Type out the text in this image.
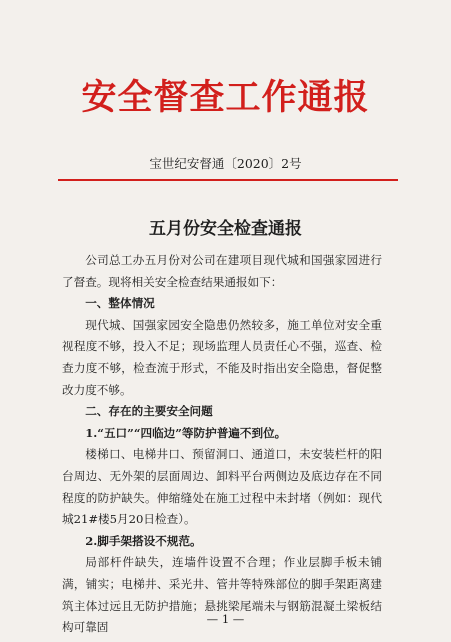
安全督查工作通报
宝世纪安督通〔2020〕2号
五月份安全检查通报

公司总工办五月份对公司在建项目现代城和国强家园进行了督查。现将相关安全检查结果通报如下：

一、整体情况

现代城、国强家园安全隐患仍然较多，施工单位对安全重视程度不够，投入不足；现场监理人员责任心不强，巡查、检查力度不够，检查流于形式，不能及时指出安全隐患，督促整改力度不够。

二、存在的主要安全问题

1.“五口”“四临边”等防护普遍不到位。

楼梯口、电梯井口、预留洞口、通道口，未安装栏杆的阳台周边、无外架的层面周边、卸料平台两侧边及底边存在不同程度的防护缺失。伸缩缝处在施工过程中未封堵（例如：现代城21#楼5月20日检查）。

2.脚手架搭设不规范。

局部杆件缺失，连墙件设置不合理；作业层脚手板未铺满，铺实；电梯井、采光井、管井等特殊部位的脚手架距离建筑主体过远且无防护措施；悬挑梁尾端未与钢筋混凝土梁板结构可靠固

— 1 —
